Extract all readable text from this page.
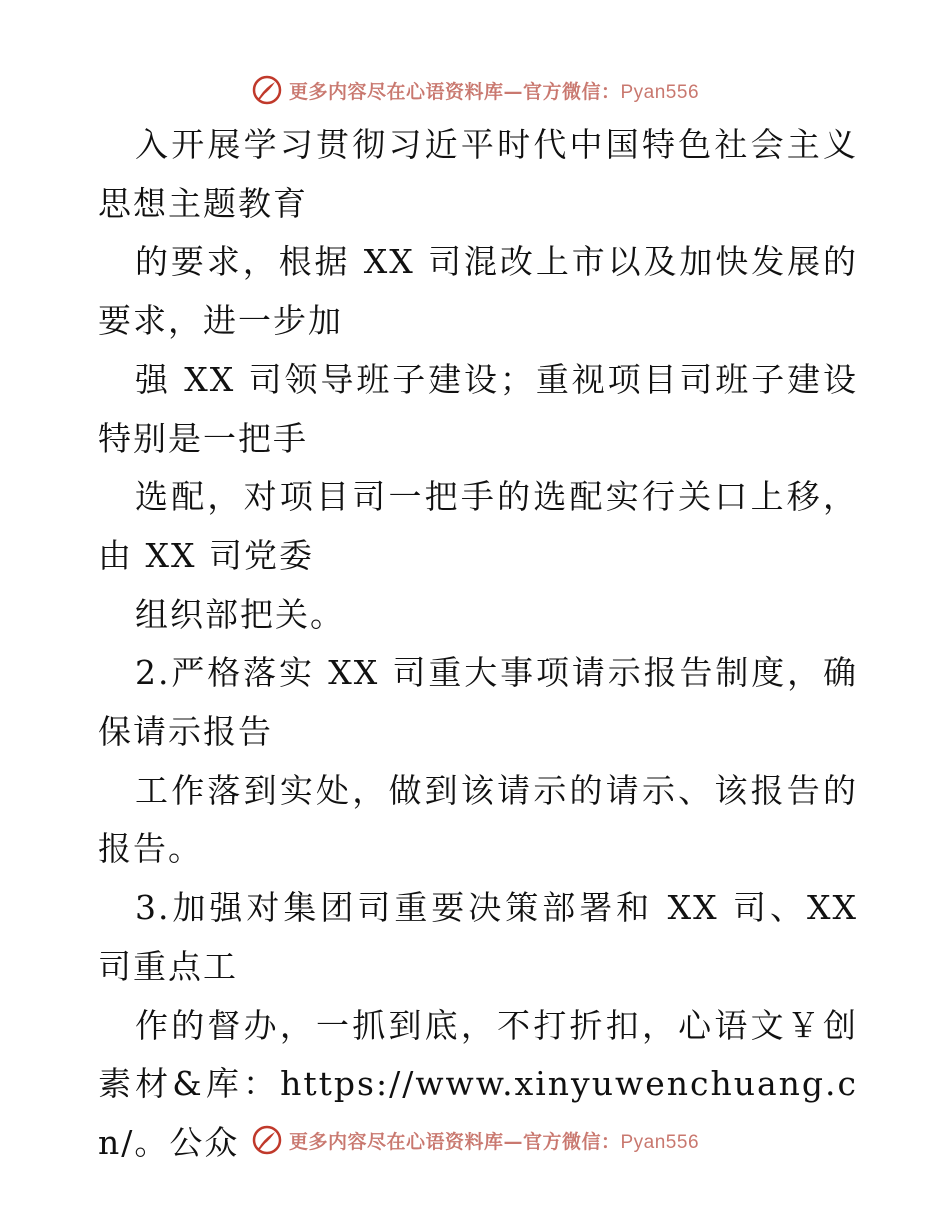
更多内容尽在心语资料库—官方微信：Pyan556

入开展学习贯彻习近平时代中国特色社会主义思想主题教育

的要求，根据 XX 司混改上市以及加快发展的要求，进一步加

强 XX 司领导班子建设；重视项目司班子建设特别是一把手

选配，对项目司一把手的选配实行关口上移，由 XX 司党委

组织部把关。

2.严格落实 XX 司重大事项请示报告制度，确保请示报告

工作落到实处，做到该请示的请示、该报告的报告。

3.加强对集团司重要决策部署和 XX 司、XX 司重点工

作的督办，一抓到底，不打折扣，心语文￥创素材&库：https://www.xinyuwenchuang.cn/。公众	更多内容尽在心语资料库—官方微信：Pyan556
